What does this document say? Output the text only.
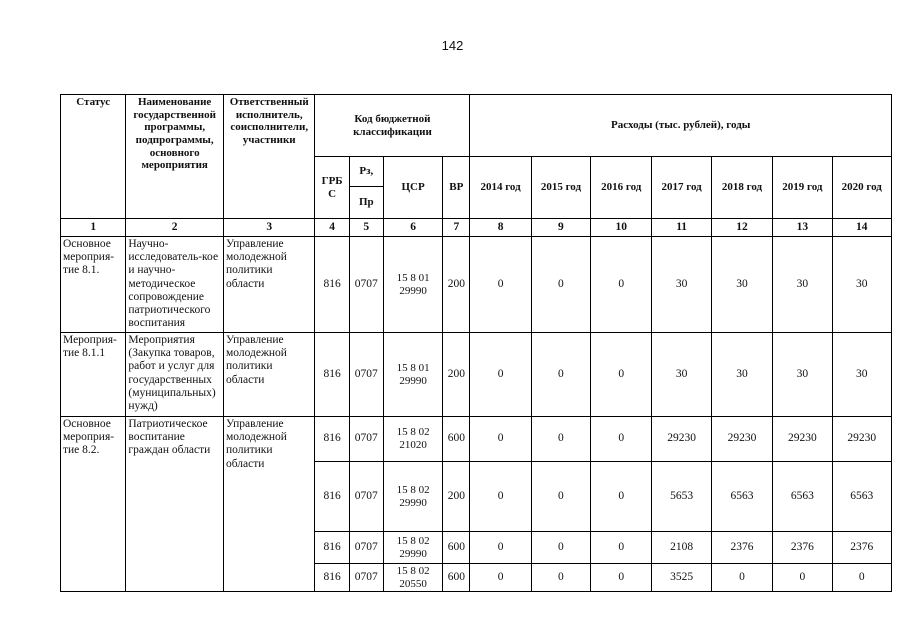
142
Статус	Наименование государственной программы, подпрограммы, основного мероприятия	Ответственный исполнитель, соисполнители, участники	Код бюджетной классификации				Расходы (тыс. рублей), годы						
			ГРБ С	Рз,	ЦСР	ВР	2014 год	2015 год	2016 год	2017 год	2018 год	2019 год	2020 год
				Пр									
1	2	3	4	5	6	7	8	9	10	11	12	13	14
Основное мероприя-тие 8.1.	Научно-исследователь-кое и научно-методическое сопровождение патриотического воспитания	Управление молодежной политики области	816	0707	15 8 01 29990	200	0	0	0	30	30	30	30
Мероприя-тие 8.1.1	Мероприятия (Закупка товаров, работ и услуг для государственных (муниципальных) нужд)	Управление молодежной политики области	816	0707	15 8 01 29990	200	0	0	0	30	30	30	30
Основное мероприя-тие 8.2.	Патриотическое воспитание граждан области	Управление молодежной политики области	816	0707	15 8 02 21020	600	0	0	0	29230	29230	29230	29230
			816	0707	15 8 02 29990	200	0	0	0	5653	6563	6563	6563
			816	0707	15 8 02 29990	600	0	0	0	2108	2376	2376	2376
			816	0707	15 8 02 20550	600	0	0	0	3525	0	0	0
